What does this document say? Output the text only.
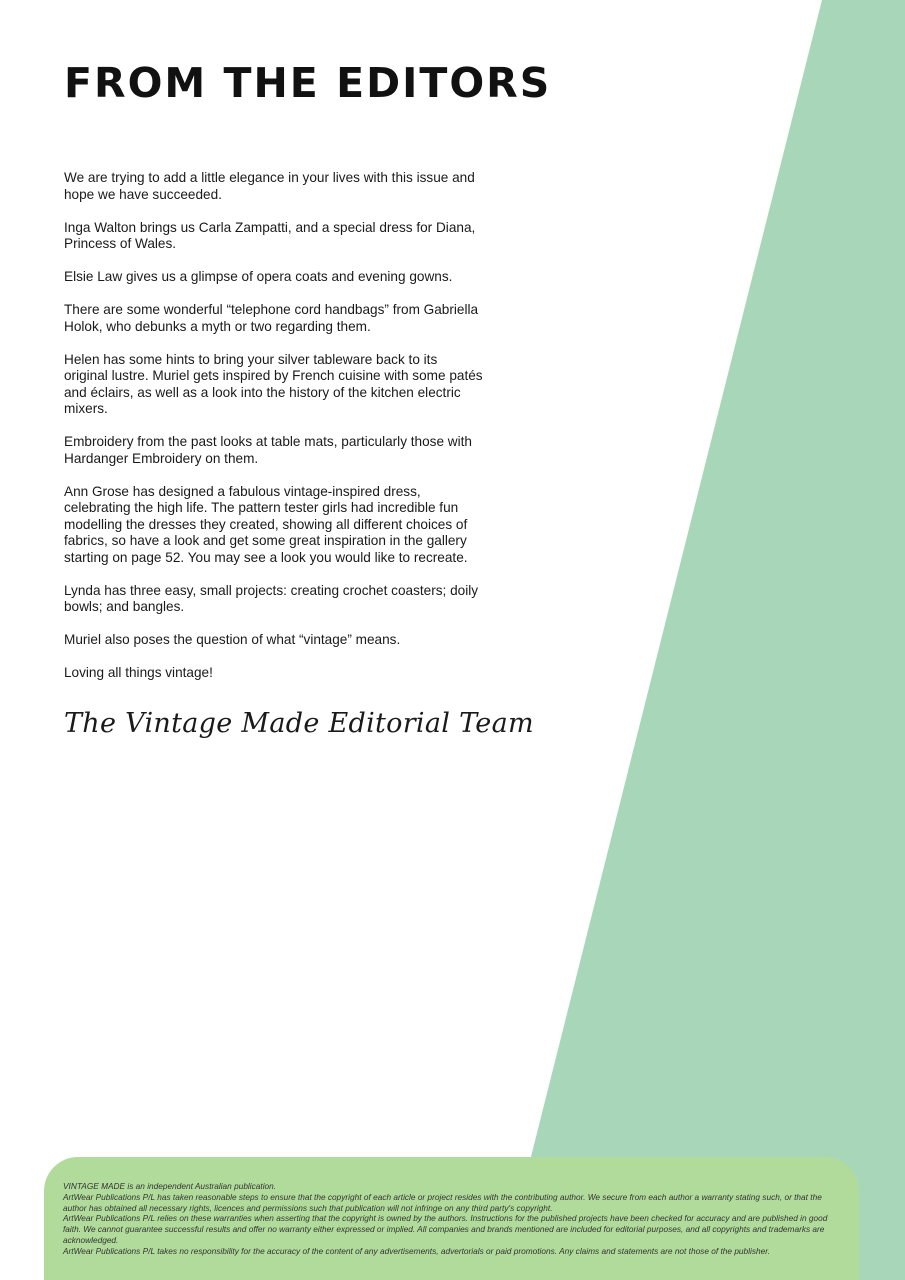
FROM THE EDITORS

We are trying to add a little elegance in your lives with this issue and hope we have succeeded.

Inga Walton brings us Carla Zampatti, and a special dress for Diana, Princess of Wales.

Elsie Law gives us a glimpse of opera coats and evening gowns.

There are some wonderful “telephone cord handbags” from Gabriella Holok, who debunks a myth or two regarding them.

Helen has some hints to bring your silver tableware back to its original lustre. Muriel gets inspired by French cuisine with some patés and éclairs, as well as a look into the history of the kitchen electric mixers.

Embroidery from the past looks at table mats, particularly those with Hardanger Embroidery on them.

Ann Grose has designed a fabulous vintage-inspired dress, celebrating the high life. The pattern tester girls had incredible fun modelling the dresses they created, showing all different choices of fabrics, so have a look and get some great inspiration in the gallery starting on page 52. You may see a look you would like to recreate.

Lynda has three easy, small projects: creating crochet coasters; doily bowls; and bangles.

Muriel also poses the question of what “vintage” means.

Loving all things vintage!

The Vintage Made Editorial Team

VINTAGE MADE is an independent Australian publication.

ArtWear Publications P/L has taken reasonable steps to ensure that the copyright of each article or project resides with the contributing author. We secure from each author a warranty stating such, or that the author has obtained all necessary rights, licences and permissions such that publication will not infringe on any third party's copyright.

ArtWear Publications P/L relies on these warranties when asserting that the copyright is owned by the authors. Instructions for the published projects have been checked for accuracy and are published in good faith. We cannot guarantee successful results and offer no warranty either expressed or implied. All companies and brands mentioned are included for editorial purposes, and all copyrights and trademarks are acknowledged.

ArtWear Publications P/L takes no responsibility for the accuracy of the content of any advertisements, advertorials or paid promotions. Any claims and statements are not those of the publisher.
